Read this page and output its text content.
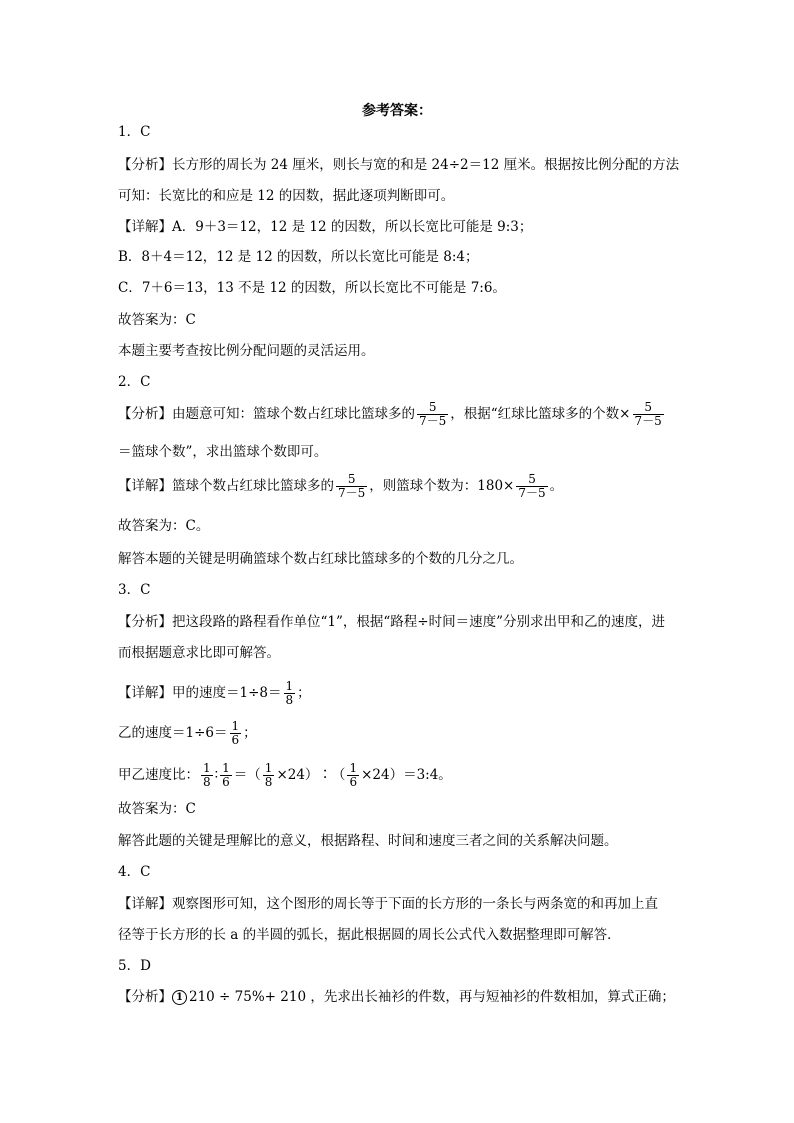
参考答案：
1．C
【分析】长方形的周长为 24 厘米，则长与宽的和是 24÷2＝12 厘米。根据按比例分配的方法
可知：长宽比的和应是 12 的因数，据此逐项判断即可。
【详解】A．9＋3＝12，12 是 12 的因数，所以长宽比可能是 9:3；
B．8＋4＝12，12 是 12 的因数，所以长宽比可能是 8:4；
C．7＋6＝13，13 不是 12 的因数，所以长宽比不可能是 7:6。
故答案为：C
本题主要考查按比例分配问题的灵活运用。
2．C
【分析】由题意可知：篮球个数占红球比篮球多的 $\frac{5}{7-5}$ ，根据“红球比篮球多的个数× $\frac{5}{7-5}$
＝篮球个数”，求出篮球个数即可。
【详解】篮球个数占红球比篮球多的 $\frac{5}{7-5}$ ，则篮球个数为：$180\times \frac{5}{7-5}$ 。
故答案为：C。
解答本题的关键是明确篮球个数占红球比篮球多的个数的几分之几。
3．C
【分析】把这段路的路程看作单位“1”，根据“路程÷时间＝速度”分别求出甲和乙的速度，进
而根据题意求比即可解答。
【详解】甲的速度$=1\div 8= \frac{1}{8}$ ；
乙的速度$=1\div 6= \frac{1}{6}$ ；
甲乙速度比： $\frac{1}{8}$ ∶ $\frac{1}{6}$ ＝（ $\frac{1}{8}$ ×24）∶（ $\frac{1}{6}$ ×24）＝3:4。
故答案为：C
解答此题的关键是理解比的意义，根据路程、时间和速度三者之间的关系解决问题。
4．C
【详解】观察图形可知，这个图形的周长等于下面的长方形的一条长与两条宽的和再加上直
径等于长方形的长 a 的半圆的弧长，据此根据圆的周长公式代入数据整理即可解答．
5．D
【分析】 1 210 ÷ 75%+ 210 ，先求出长袖衫的件数，再与短袖衫的件数相加，算式正确；
